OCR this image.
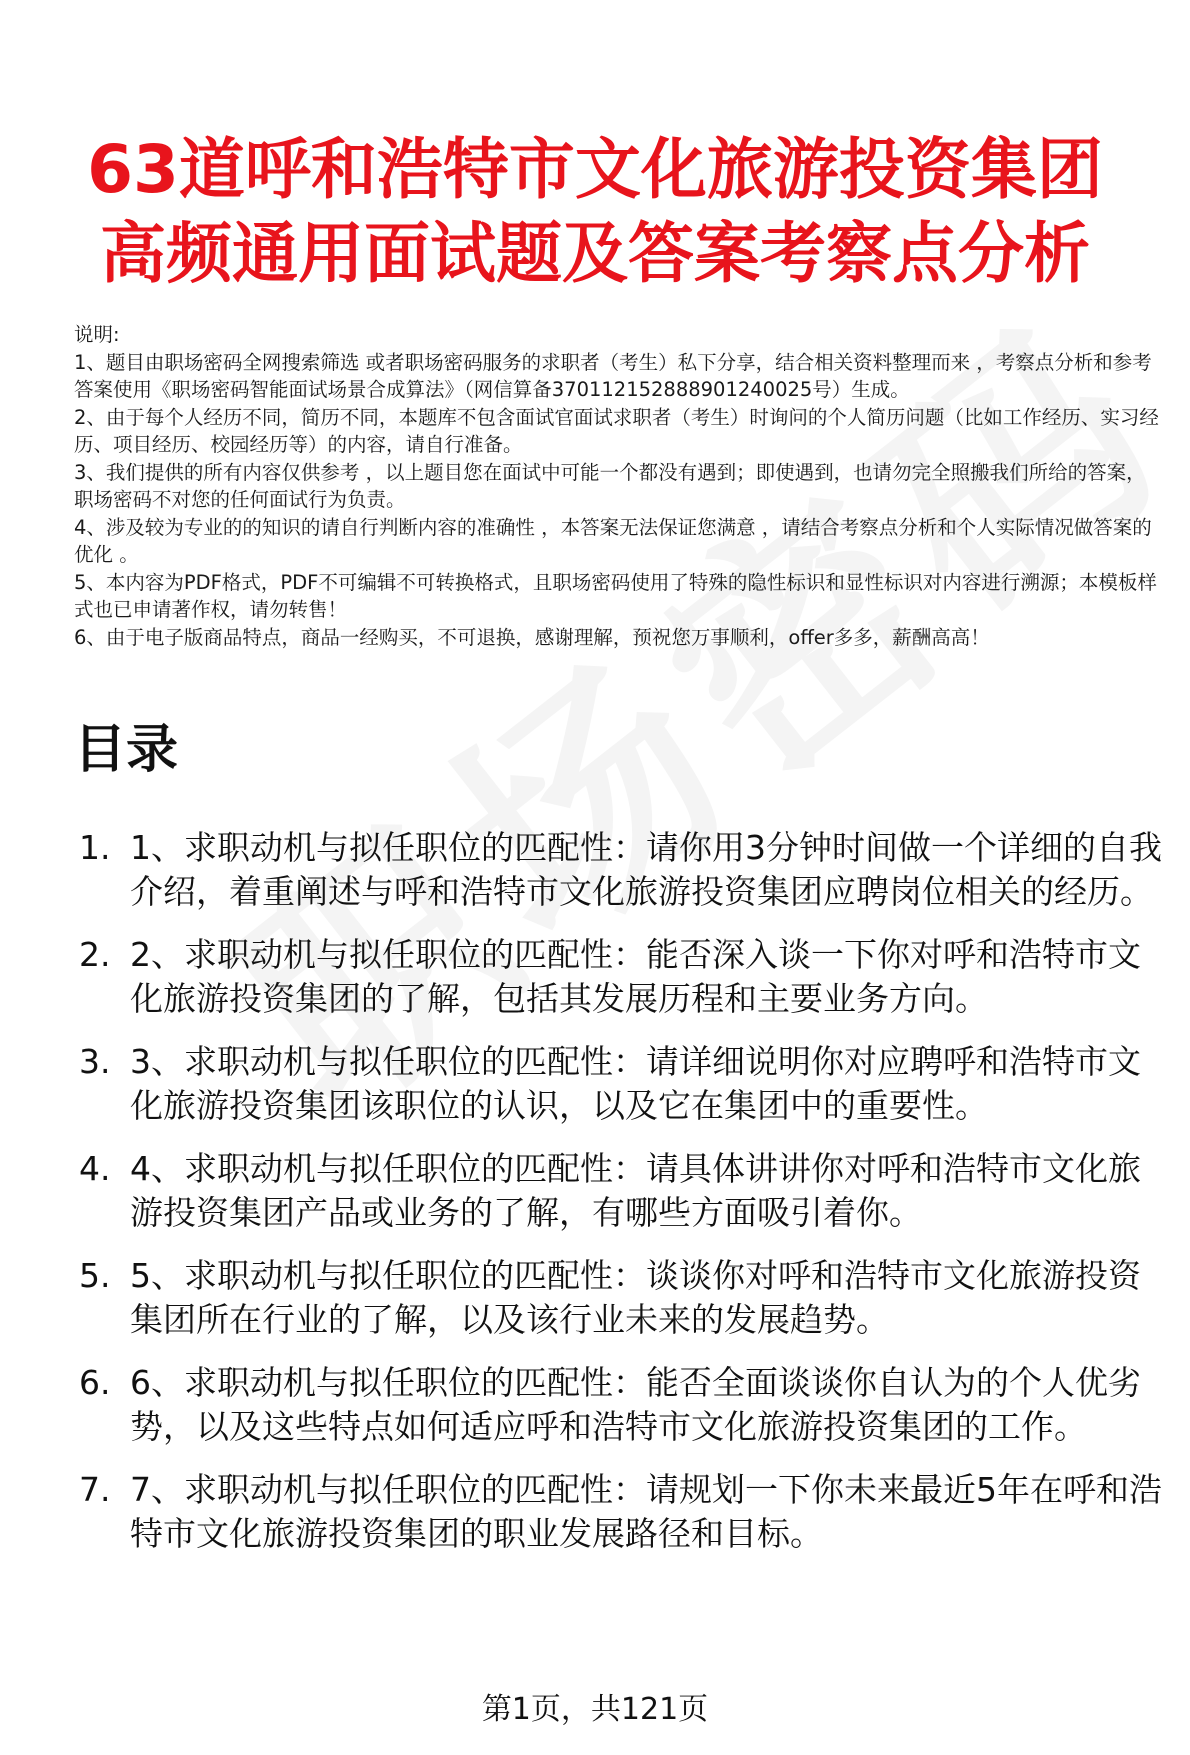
63道呼和浩特市文化旅游投资集团
高频通用面试题及答案考察点分析

说明:

1、题目由职场密码全网搜索筛选 或者职场密码服务的求职者（考生）私下分享，结合相关资料整理而来 ，考察点分析和参考答案使用《职场密码智能面试场景合成算法》（网信算备370112152888901240025号）生成。

2、由于每个人经历不同，简历不同，本题库不包含面试官面试求职者（考生）时询问的个人简历问题（比如工作经历、实习经历、项目经历、校园经历等）的内容，请自行准备。

3、我们提供的所有内容仅供参考 ，以上题目您在面试中可能一个都没有遇到；即使遇到，也请勿完全照搬我们所给的答案，职场密码不对您的任何面试行为负责。

4、涉及较为专业的的知识的请自行判断内容的准确性 ，本答案无法保证您满意 ，请结合考察点分析和个人实际情况做答案的优化 。

5、本内容为PDF格式，PDF不可编辑不可转换格式，且职场密码使用了特殊的隐性标识和显性标识对内容进行溯源；本模板样式也已申请著作权，请勿转售！

6、由于电子版商品特点，商品一经购买，不可退换，感谢理解，预祝您万事顺利，offer多多，薪酬高高！

目录
1. 1、求职动机与拟任职位的匹配性：请你用3分钟时间做一个详细的自我介绍，着重阐述与呼和浩特市文化旅游投资集团应聘岗位相关的经历。
2. 2、求职动机与拟任职位的匹配性：能否深入谈一下你对呼和浩特市文化旅游投资集团的了解，包括其发展历程和主要业务方向。
3. 3、求职动机与拟任职位的匹配性：请详细说明你对应聘呼和浩特市文化旅游投资集团该职位的认识，以及它在集团中的重要性。
4. 4、求职动机与拟任职位的匹配性：请具体讲讲你对呼和浩特市文化旅游投资集团产品或业务的了解，有哪些方面吸引着你。
5. 5、求职动机与拟任职位的匹配性：谈谈你对呼和浩特市文化旅游投资集团所在行业的了解，以及该行业未来的发展趋势。
6. 6、求职动机与拟任职位的匹配性：能否全面谈谈你自认为的个人优劣势，以及这些特点如何适应呼和浩特市文化旅游投资集团的工作。
7. 7、求职动机与拟任职位的匹配性：请规划一下你未来最近5年在呼和浩特市文化旅游投资集团的职业发展路径和目标。
第1页，共121页
